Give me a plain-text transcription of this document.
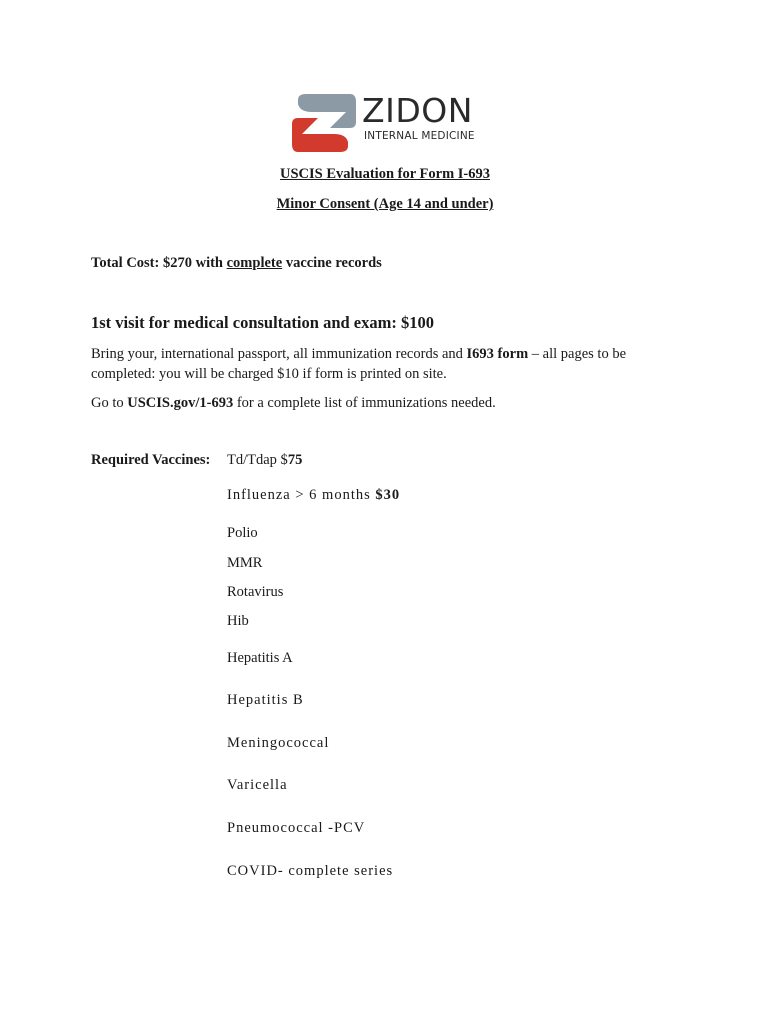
ZIDON
INTERNAL MEDICINE
USCIS Evaluation for Form I-693
Minor Consent (Age 14 and under)
Total Cost: $270 with complete vaccine records
1st visit for medical consultation and exam: $100
Bring your, international passport, all immunization records and I693 form – all pages to be completed: you will be charged $10 if form is printed on site.
Go to USCIS.gov/1-693 for a complete list of immunizations needed.
Required Vaccines: Td/Tdap $75
Influenza > 6 months $30
Polio
MMR
Rotavirus
Hib
Hepatitis A
Hepatitis B
Meningococcal
Varicella
Pneumococcal -PCV
COVID- complete series
